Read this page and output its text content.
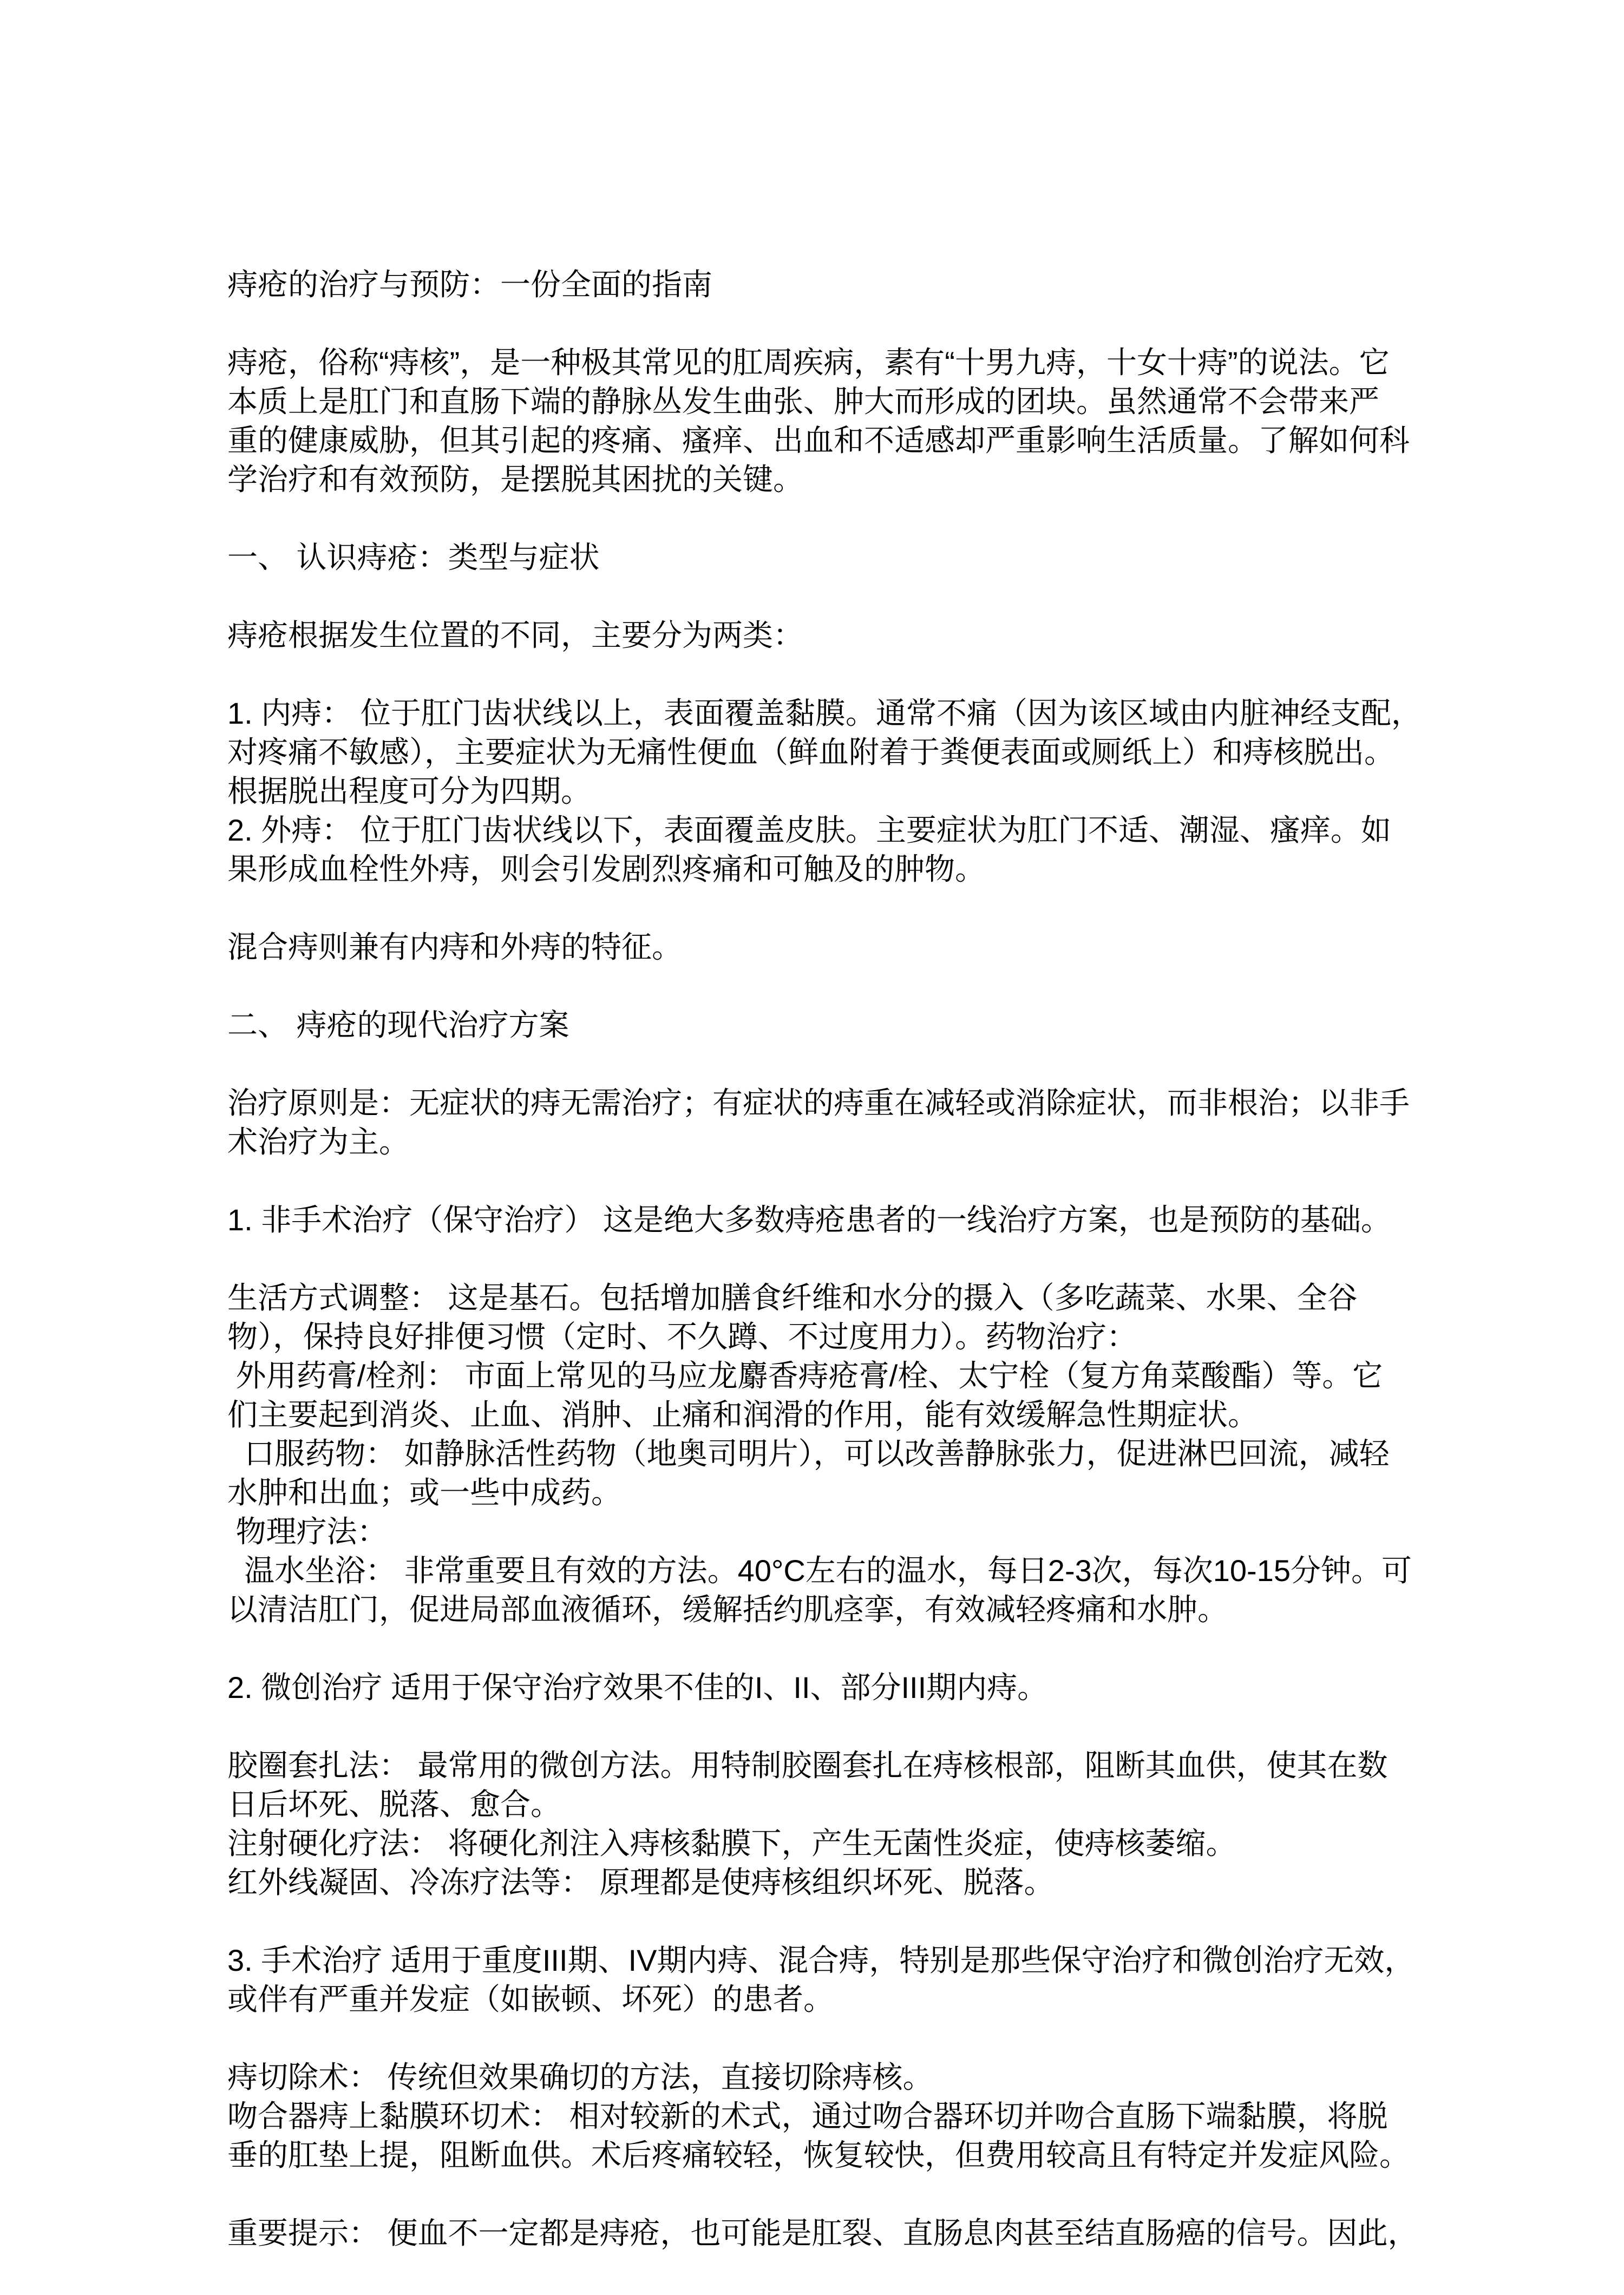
痔疮的治疗与预防：一份全面的指南
痔疮，俗称“痔核”，是一种极其常见的肛周疾病，素有“十男九痔，十女十痔”的说法。它
本质上是肛门和直肠下端的静脉丛发生曲张、肿大而形成的团块。虽然通常不会带来严
重的健康威胁，但其引起的疼痛、瘙痒、出血和不适感却严重影响生活质量。了解如何科
学治疗和有效预防，是摆脱其困扰的关键。
一、 认识痔疮：类型与症状
痔疮根据发生位置的不同，主要分为两类：
1. 内痔： 位于肛门齿状线以上，表面覆盖黏膜。通常不痛（因为该区域由内脏神经支配，
对疼痛不敏感），主要症状为无痛性便血（鲜血附着于粪便表面或厕纸上）和痔核脱出。
根据脱出程度可分为四期。
2. 外痔： 位于肛门齿状线以下，表面覆盖皮肤。主要症状为肛门不适、潮湿、瘙痒。如
果形成血栓性外痔，则会引发剧烈疼痛和可触及的肿物。
混合痔则兼有内痔和外痔的特征。
二、 痔疮的现代治疗方案
治疗原则是：无症状的痔无需治疗；有症状的痔重在减轻或消除症状，而非根治；以非手
术治疗为主。
1. 非手术治疗（保守治疗） 这是绝大多数痔疮患者的一线治疗方案，也是预防的基础。
生活方式调整： 这是基石。包括增加膳食纤维和水分的摄入（多吃蔬菜、水果、全谷
物），保持良好排便习惯（定时、不久蹲、不过度用力）。药物治疗：
外用药膏/栓剂： 市面上常见的马应龙麝香痔疮膏/栓、太宁栓（复方角菜酸酯）等。它
们主要起到消炎、止血、消肿、止痛和润滑的作用，能有效缓解急性期症状。
口服药物： 如静脉活性药物（地奥司明片），可以改善静脉张力，促进淋巴回流，减轻
水肿和出血；或一些中成药。
物理疗法：
温水坐浴： 非常重要且有效的方法。40°C左右的温水，每日2-3次，每次10-15分钟。可
以清洁肛门，促进局部血液循环，缓解括约肌痉挛，有效减轻疼痛和水肿。
2. 微创治疗 适用于保守治疗效果不佳的I、II、部分III期内痔。
胶圈套扎法： 最常用的微创方法。用特制胶圈套扎在痔核根部，阻断其血供，使其在数
日后坏死、脱落、愈合。
注射硬化疗法： 将硬化剂注入痔核黏膜下，产生无菌性炎症，使痔核萎缩。
红外线凝固、冷冻疗法等： 原理都是使痔核组织坏死、脱落。
3. 手术治疗 适用于重度III期、IV期内痔、混合痔，特别是那些保守治疗和微创治疗无效，
或伴有严重并发症（如嵌顿、坏死）的患者。
痔切除术： 传统但效果确切的方法，直接切除痔核。
吻合器痔上黏膜环切术： 相对较新的术式，通过吻合器环切并吻合直肠下端黏膜，将脱
垂的肛垫上提，阻断血供。术后疼痛较轻，恢复较快，但费用较高且有特定并发症风险。
重要提示： 便血不一定都是痔疮，也可能是肛裂、直肠息肉甚至结直肠癌的信号。因此，
